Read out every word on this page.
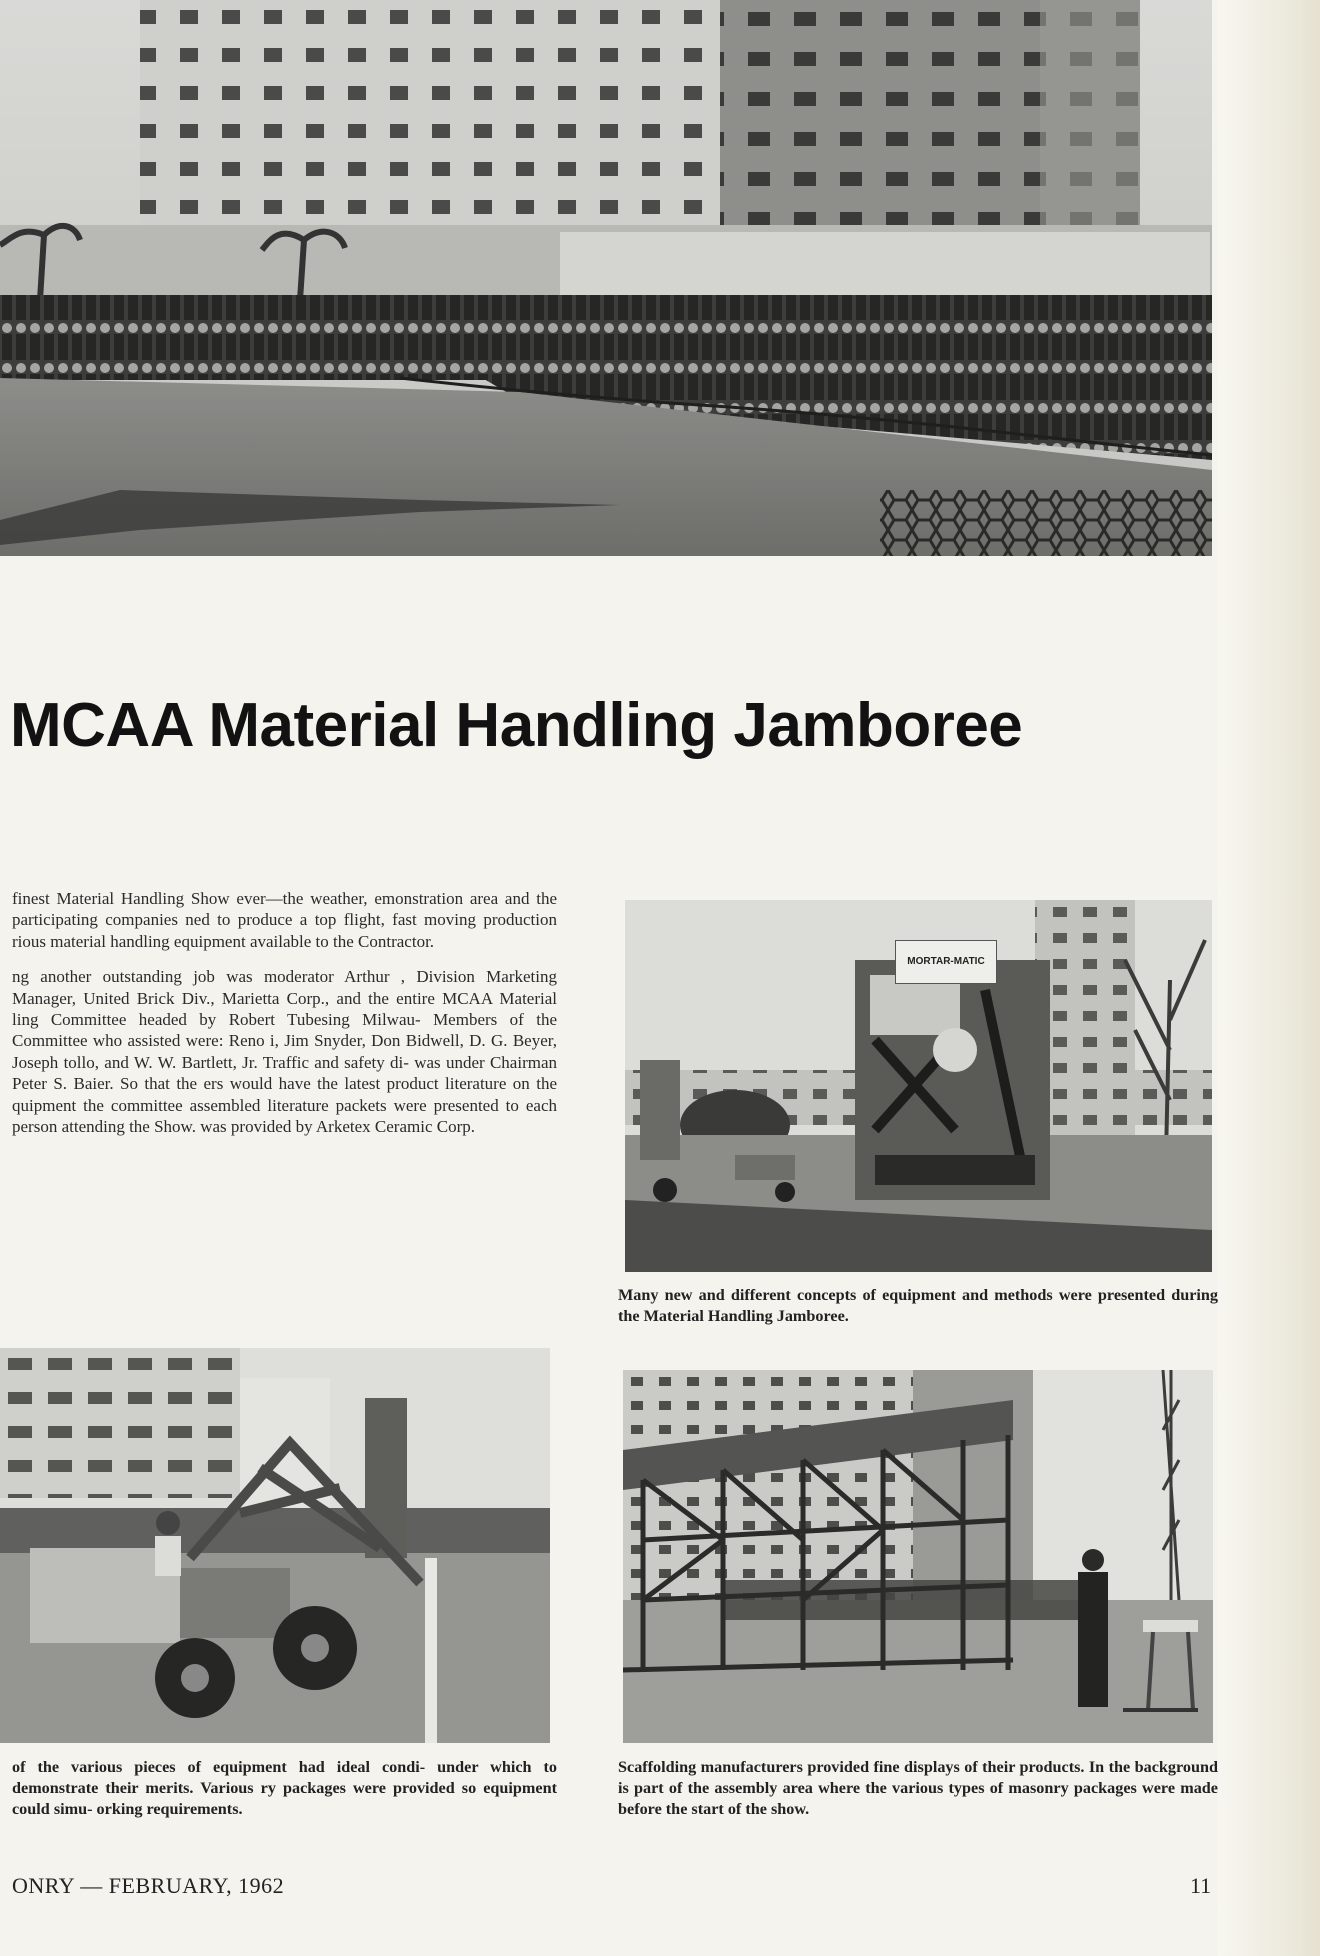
MCAA Material Handling Jamboree

finest Material Handling Show ever—the weather, emonstration area and the participating companies ned to produce a top flight, fast moving production rious material handling equipment available to the Contractor.

ng another outstanding job was moderator Arthur , Division Marketing Manager, United Brick Div., Marietta Corp., and the entire MCAA Material ling Committee headed by Robert Tubesing Milwau- Members of the Committee who assisted were: Reno i, Jim Snyder, Don Bidwell, D. G. Beyer, Joseph tollo, and W. W. Bartlett, Jr. Traffic and safety di- was under Chairman Peter S. Baier. So that the ers would have the latest product literature on the quipment the committee assembled literature packets were presented to each person attending the Show. was provided by Arketex Ceramic Corp.

MORTAR-MATIC
Many new and different concepts of equipment and methods were presented during the Material Handling Jamboree.
of the various pieces of equipment had ideal condi- under which to demonstrate their merits. Various ry packages were provided so equipment could simu- orking requirements.
Scaffolding manufacturers provided fine displays of their products. In the background is part of the assembly area where the various types of masonry packages were made before the start of the show.
ONRY — FEBRUARY, 1962	11
